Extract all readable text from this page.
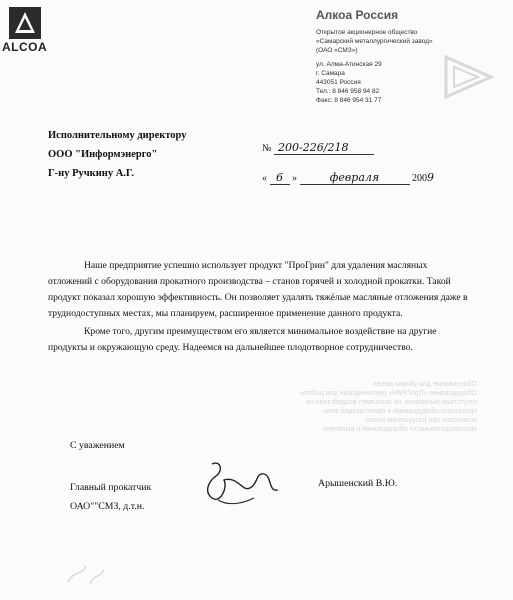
Обоснование для уборки масел
Оборудования «ПроГРИН» рекомендован для работы
отсутствие выгорания, не оказывает воздействия на
прокатного оборудования и прилегающей зоны
полностью при разрушении масел
производительности оборудования и выявлено
ALCOA
Алкоа Россия
Открытое акционерное общество
«Самарский металлургический завод»
(ОАО «СМЗ»)
ул. Алма-Атинская 29
г. Самара
443051 Россия
Тел.: 8 846 958 94 82
Факс: 8 846 954 31 77
Исполнительному директору
ООО "Информэнерго"
Г-ну Ручкину А.Г.
№ 200-226/218
« 6 »	февраля	2009

Наше предприятие успешно использует продукт "ПроГрин" для удаления масляных отложений с оборудования прокатного производства – станов горячей и холодной прокатки. Такой продукт показал хорошую эффективность. Он позволяет удалять тяжёлые масляные отложения даже в труднодоступных местах, мы планируем, расширенное применение данного продукта.

Кроме того, другим преимуществом его является минимальное воздействие на другие продукты и окружающую среду. Надеемся на дальнейшее плодотворное сотрудничество.

С уважением
Главный прокатчик
ОАО""СМЗ, д.т.н.
Арышенский В.Ю.
